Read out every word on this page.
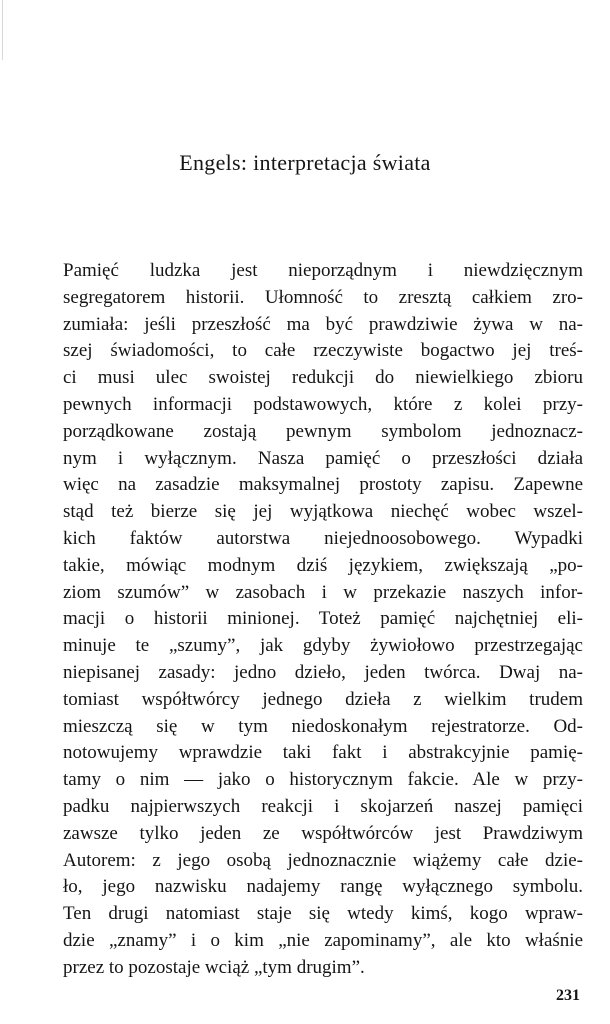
Engels: interpretacja świata
Pamięć ludzka jest nieporządnym i niewdzięcznym
segregatorem historii. Ułomność to zresztą całkiem zro-
zumiała: jeśli przeszłość ma być prawdziwie żywa w na-
szej świadomości, to całe rzeczywiste bogactwo jej treś-
ci musi ulec swoistej redukcji do niewielkiego zbioru
pewnych informacji podstawowych, które z kolei przy-
porządkowane zostają pewnym symbolom jednoznacz-
nym i wyłącznym. Nasza pamięć o przeszłości działa
więc na zasadzie maksymalnej prostoty zapisu. Zapewne
stąd też bierze się jej wyjątkowa niechęć wobec wszel-
kich faktów autorstwa niejednoosobowego. Wypadki
takie, mówiąc modnym dziś językiem, zwiększają „po-
ziom szumów” w zasobach i w przekazie naszych infor-
macji o historii minionej. Toteż pamięć najchętniej eli-
minuje te „szumy”, jak gdyby żywiołowo przestrzegając
niepisanej zasady: jedno dzieło, jeden twórca. Dwaj na-
tomiast współtwórcy jednego dzieła z wielkim trudem
mieszczą się w tym niedoskonałym rejestratorze. Od-
notowujemy wprawdzie taki fakt i abstrakcyjnie pamię-
tamy o nim — jako o historycznym fakcie. Ale w przy-
padku najpierwszych reakcji i skojarzeń naszej pamięci
zawsze tylko jeden ze współtwórców jest Prawdziwym
Autorem: z jego osobą jednoznacznie wiążemy całe dzie-
ło, jego nazwisku nadajemy rangę wyłącznego symbolu.
Ten drugi natomiast staje się wtedy kimś, kogo wpraw-
dzie „znamy” i o kim „nie zapominamy”, ale kto właśnie
przez to pozostaje wciąż „tym drugim”.
231
